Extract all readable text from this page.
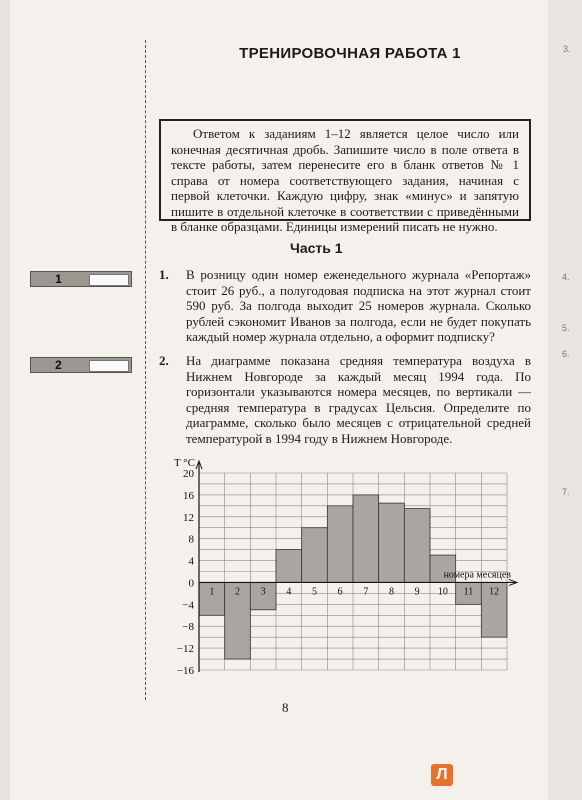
ТРЕНИРОВОЧНАЯ РАБОТА 1
Ответом к заданиям 1–12 является целое число или конечная десятичная дробь. Запишите число в поле ответа в тексте работы, затем перенесите его в бланк ответов № 1 справа от номера соответствующего задания, начиная с первой клеточки. Каждую цифру, знак «минус» и запятую пишите в отдельной клеточке в соответствии с приведёнными в бланке образцами. Единицы измерений писать не нужно.
Часть 1
1
2
1. В розницу один номер еженедельного журнала «Репортаж» стоит 26 руб., а полугодовая подписка на этот журнал стоит 590 руб. За полгода выходит 25 номеров журнала. Сколько рублей сэкономит Иванов за полгода, если не будет покупать каждый номер журнала отдельно, а оформит подписку?
2. На диаграмме показана средняя температура воздуха в Нижнем Новгороде за каждый месяц 1994 года. По горизонтали указываются номера месяцев, по вертикали — средняя температура в градусах Цельсия. Определите по диаграмме, сколько было месяцев с отрицательной средней температурой в 1994 году в Нижнем Новгороде.
20
16
12
8
4
0
−4
−8
−12
−16
1 2 3 4 5 6 7 8 9 10 11 12
T °C
номера месяцев
8
3.
4.
5.
6.
7.
Л
